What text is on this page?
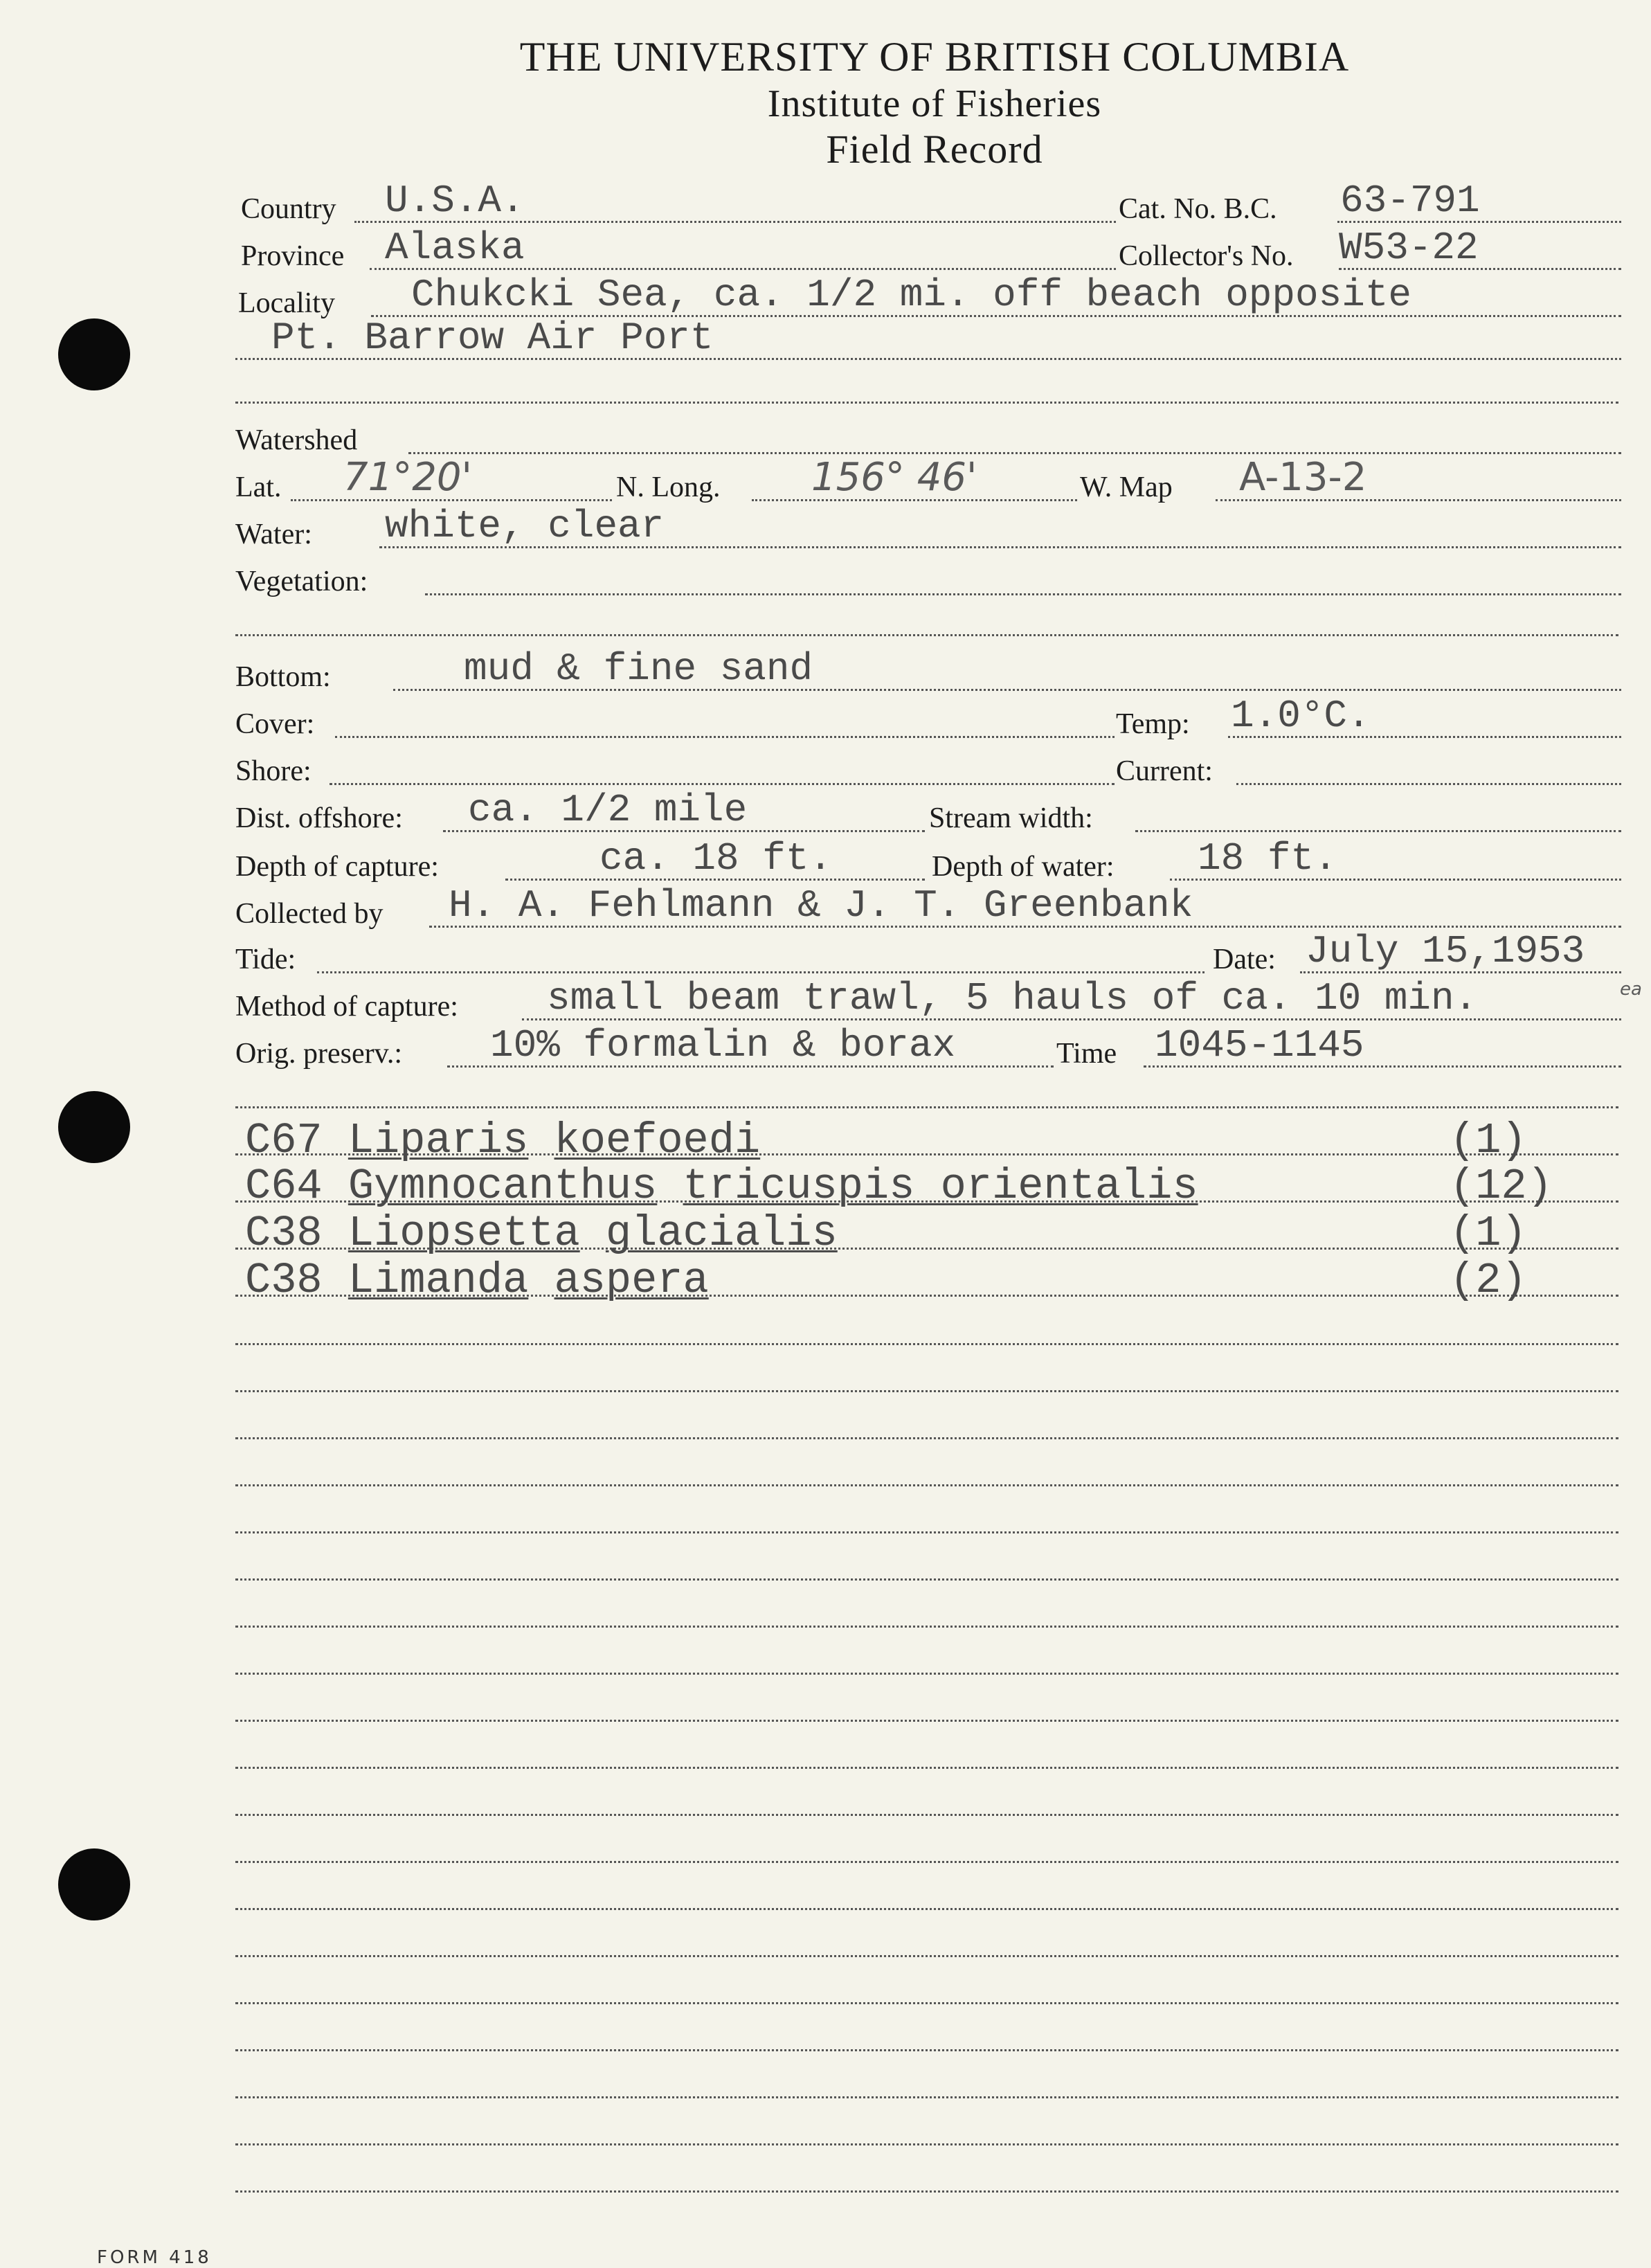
THE UNIVERSITY OF BRITISH COLUMBIA
Institute of Fisheries
Field Record
Country U.S.A.	Cat. No. B.C. 63-791
Province Alaska	Collector's No. W53-22
Locality Chukcki Sea, ca. 1/2 mi. off beach opposite
Pt. Barrow Air Port
Watershed
Lat. 71°20'	N. Long. 156° 46'	W. Map A-13-2
Water: white, clear
Vegetation:
Bottom:	mud & fine sand
Cover:	Temp: 1.0°C.
Shore:	Current:
Dist. offshore: ca. 1/2 mile	Stream width:
Depth of capture:	ca. 18 ft.	Depth of water: 18 ft.
Collected by H. A. Fehlmann & J. T. Greenbank
Tide:	Date: July 15,1953
Method of capture: small beam trawl, 5 hauls of ca. 10 min.	ea
Orig. preserv.: 10% formalin & borax	Time 1045-1145
C67 Liparis koefoedi	(1)
C64 Gymnocanthus tricuspis orientalis	(12)
C38 Liopsetta glacialis	(1)
C38 Limanda aspera	(2)
FORM 418
